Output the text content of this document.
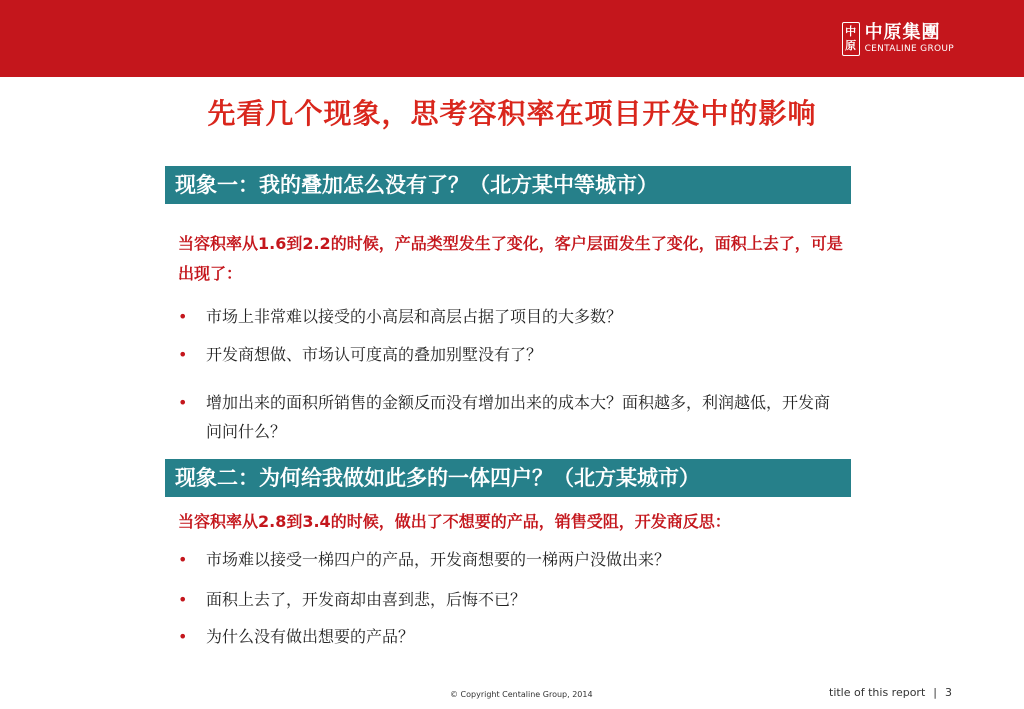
中
原
中原集團
CENTALINE GROUP
先看几个现象，思考容积率在项目开发中的影响
现象一：我的叠加怎么没有了？（北方某中等城市）
当容积率从1.6到2.2的时候，产品类型发生了变化，客户层面发生了变化，面积上去了，可是出现了：
•	市场上非常难以接受的小高层和高层占据了项目的大多数？
•	开发商想做、市场认可度高的叠加别墅没有了？
•	增加出来的面积所销售的金额反而没有增加出来的成本大？面积越多，利润越低，开发商问问什么？
现象二：为何给我做如此多的一体四户？（北方某城市）
当容积率从2.8到3.4的时候，做出了不想要的产品，销售受阻，开发商反思：
•	市场难以接受一梯四户的产品，开发商想要的一梯两户没做出来？
•	面积上去了，开发商却由喜到悲，后悔不已？
•	为什么没有做出想要的产品？
© Copyright Centaline Group, 2014	title of this report | 3
